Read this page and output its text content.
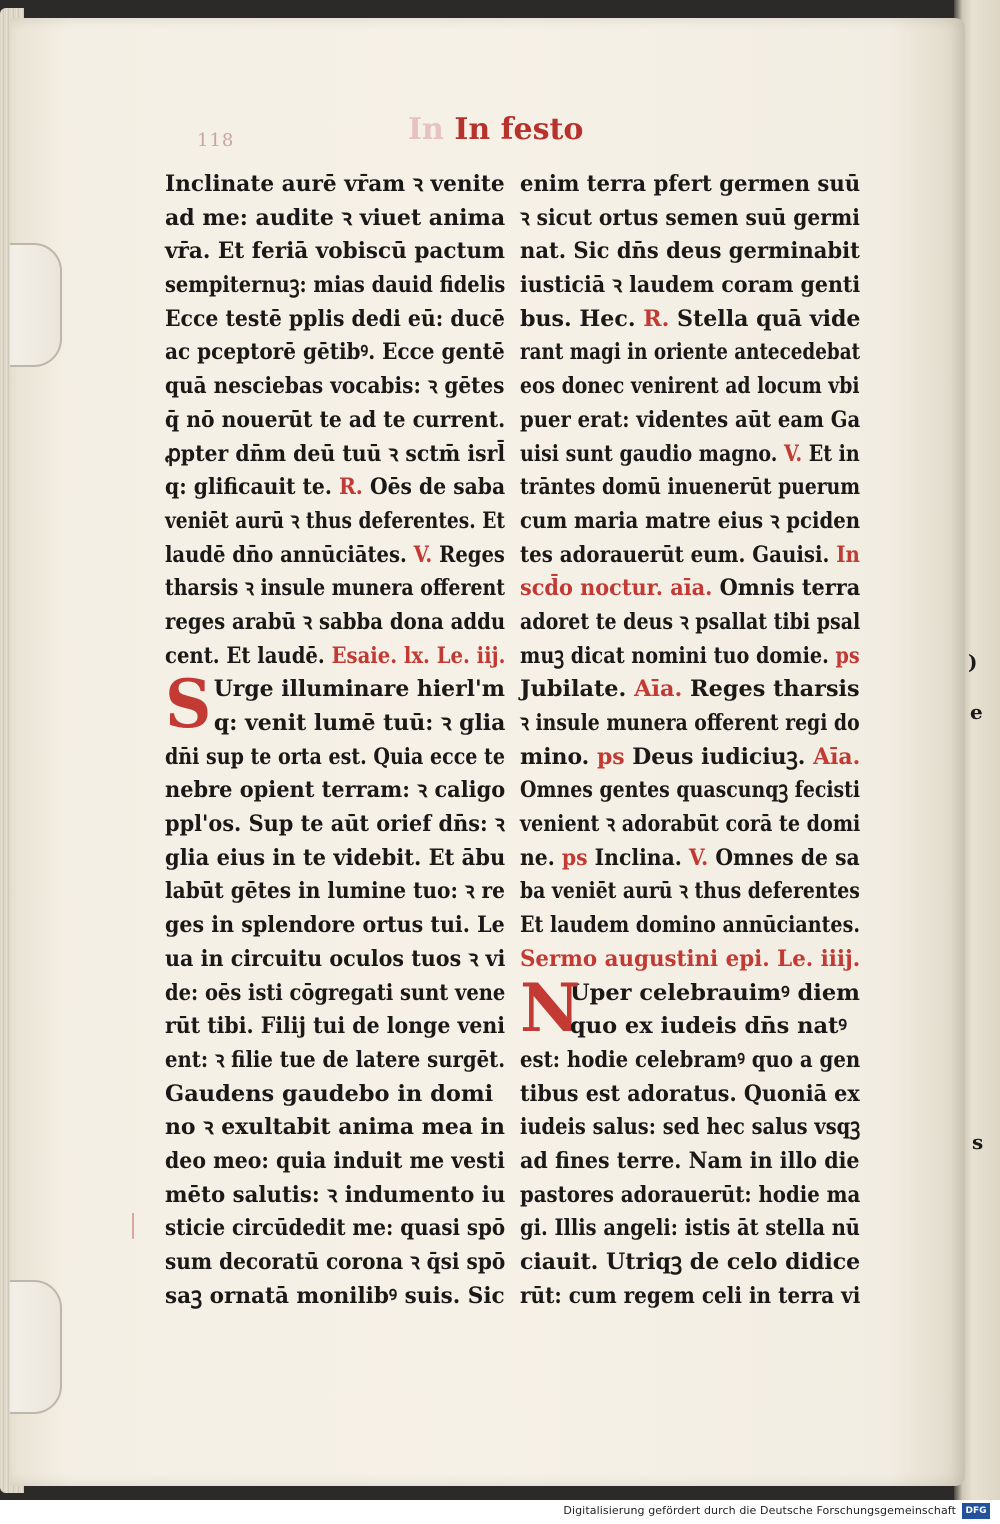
)
e
s
118	In In festo
Inclinate aurē vr̄am ꝛ venite
ad me: audite ꝛ viuet anima
vr̄a. Et feriā vobiscū pactum
sempiternuꝫ: mias dauid fidelis
Ecce testē pplis dedi eū: ducē
ac pceptorē gētibꝰ. Ecce gentē
quā nesciebas vocabis: ꝛ gētes
q̄ nō nouerūt te ad te current.
ꝓpter dn̄m deū tuū ꝛ sctm̄ isrl̄
q: glificauit te. R. Oēs de saba
veniēt aurū ꝛ thus deferentes. Et
laudē dn̄o annūciātes. V. Reges
tharsis ꝛ insule munera offerent
reges arabū ꝛ sabba dona addu
cent. Et laudē. Esaie. lx. Le. iij.
S Urge illuminare hierl'm
q: venit lumē tuū: ꝛ glia
dn̄i sup te orta est. Quia ecce te
nebre opient terram: ꝛ caligo
ppl'os. Sup te aūt orief dn̄s: ꝛ
glia eius in te videbit. Et ābu
labūt gētes in lumine tuo: ꝛ re
ges in splendore ortus tui. Le
ua in circuitu oculos tuos ꝛ vi
de: oēs isti cōgregati sunt vene
rūt tibi. Filij tui de longe veni
ent: ꝛ filie tue de latere surgēt.
Gaudens gaudebo in domi
no ꝛ exultabit anima mea in
deo meo: quia induit me vesti
mēto salutis: ꝛ indumento iu
sticie circūdedit me: quasi spō
sum decoratū corona ꝛ q̄si spō
saꝫ ornatā monilibꝰ suis. Sic
enim terra pfert germen suū
ꝛ sicut ortus semen suū germi
nat. Sic dn̄s deus germinabit
iusticiā ꝛ laudem coram genti
bus. Hec. R. Stella quā vide
rant magi in oriente antecedebat
eos donec venirent ad locum vbi
puer erat: videntes aūt eam Ga
uisi sunt gaudio magno. V. Et in
trāntes domū inuenerūt puerum
cum maria matre eius ꝛ pciden
tes adorauerūt eum. Gauisi. In
scd̄o noctur. aīa. Omnis terra
adoret te deus ꝛ psallat tibi psal
muꝫ dicat nomini tuo domie. ps
Jubilate. Aīa. Reges tharsis
ꝛ insule munera offerent regi do
mino. ps Deus iudiciuꝫ. Aīa.
Omnes gentes quascunqꝫ fecisti
venient ꝛ adorabūt corā te domi
ne. ps Inclina. V. Omnes de sa
ba veniēt aurū ꝛ thus deferentes
Et laudem domino annūciantes.
Sermo augustini epi. Le. iiij.
N
Uper celebrauimꝰ diem
quo ex iudeis dn̄s natꝰ
est: hodie celebramꝰ quo a gen
tibus est adoratus. Quoniā ex
iudeis salus: sed hec salus vsqꝫ
ad fines terre. Nam in illo die
pastores adorauerūt: hodie ma
gi. Illis angeli: istis āt stella nū
ciauit. Utriqꝫ de celo didice
rūt: cum regem celi in terra vi
Digitalisierung gefördert durch die Deutsche Forschungsgemeinschaft	DFG
